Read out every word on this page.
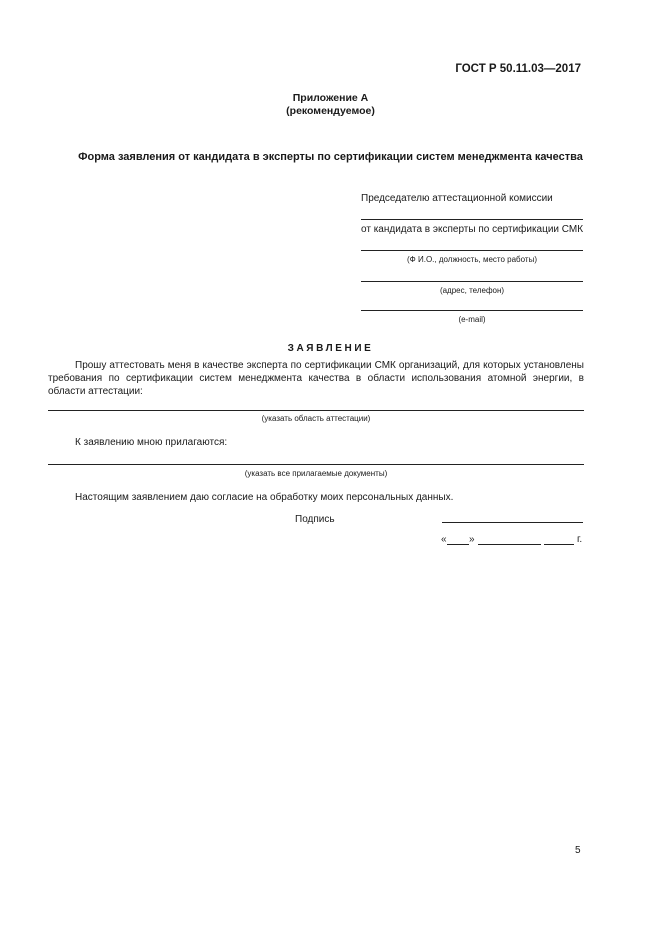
ГОСТ Р 50.11.03—2017
Приложение А
(рекомендуемое)
Форма заявления от кандидата в эксперты по сертификации систем менеджмента качества
Председателю аттестационной комиссии
от кандидата в эксперты по сертификации СМК
(Ф И.О., должность, место работы)
(адрес, телефон)
(e-mail)
ЗАЯВЛЕНИЕ
Прошу аттестовать меня в качестве эксперта по сертификации СМК организаций, для которых установлены требования по сертификации систем менеджмента качества в области использования атомной энергии, в области аттестации:
(указать область аттестации)
К заявлению мною прилагаются:
(указать все прилагаемые документы)
Настоящим заявлением даю согласие на обработку моих персональных данных.
Подпись
« »	г.
5
